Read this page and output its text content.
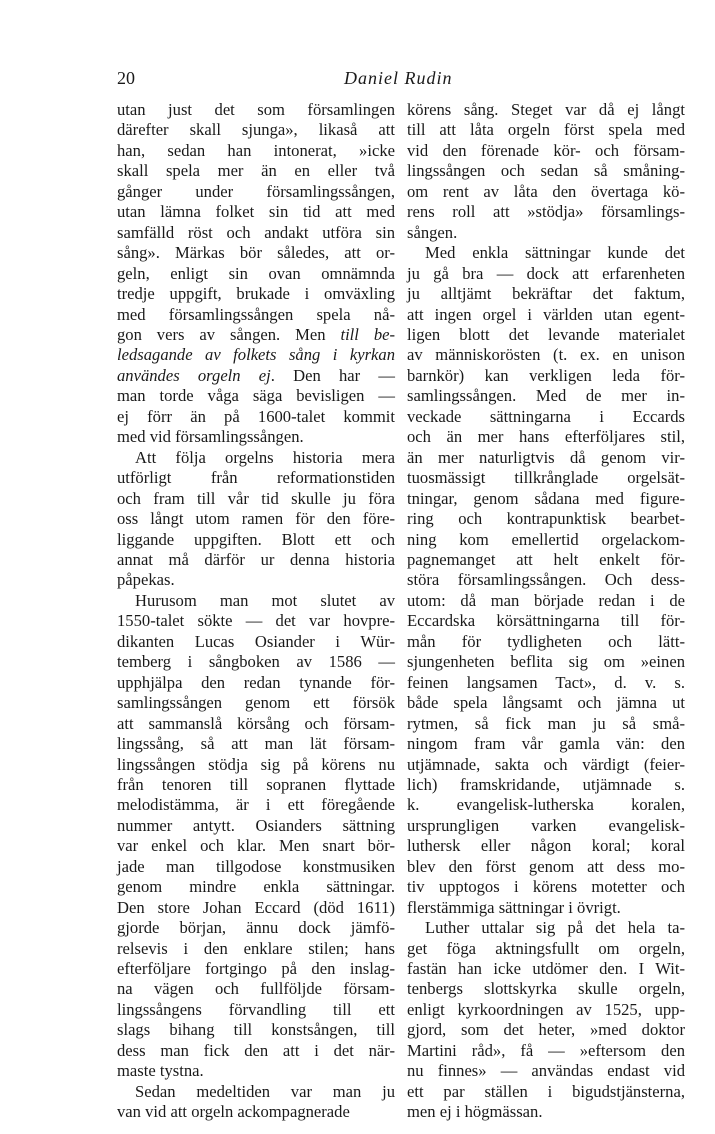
20	Daniel Rudin
utan just det som församlingen
därefter skall sjunga», likaså att
han, sedan han intonerat, »icke
skall spela mer än en eller två
gånger under församlingssången,
utan lämna folket sin tid att med
samfälld röst och andakt utföra sin
sång». Märkas bör således, att or-
geln, enligt sin ovan omnämnda
tredje uppgift, brukade i omväxling
med församlingssången spela nå-
gon vers av sången. Men till be-
ledsagande av folkets sång i kyrkan
användes orgeln ej. Den har —
man torde våga säga bevisligen —
ej förr än på 1600-talet kommit
med vid församlingssången.
Att följa orgelns historia mera
utförligt från reformationstiden
och fram till vår tid skulle ju föra
oss långt utom ramen för den före-
liggande uppgiften. Blott ett och
annat må därför ur denna historia
påpekas.
Hurusom man mot slutet av
1550-talet sökte — det var hovpre-
dikanten Lucas Osiander i Wür-
temberg i sångboken av 1586 —
upphjälpa den redan tynande för-
samlingssången genom ett försök
att sammanslå körsång och försam-
lingssång, så att man lät försam-
lingssången stödja sig på körens nu
från tenoren till sopranen flyttade
melodistämma, är i ett föregående
nummer antytt. Osianders sättning
var enkel och klar. Men snart bör-
jade man tillgodose konstmusiken
genom mindre enkla sättningar.
Den store Johan Eccard (död 1611)
gjorde början, ännu dock jämfö-
relsevis i den enklare stilen; hans
efterföljare fortgingo på den inslag-
na vägen och fullföljde försam-
lingssångens förvandling till ett
slags bihang till konstsången, till
dess man fick den att i det när-
maste tystna.
Sedan medeltiden var man ju
van vid att orgeln ackompagnerade
körens sång. Steget var då ej långt
till att låta orgeln först spela med
vid den förenade kör- och försam-
lingssången och sedan så småning-
om rent av låta den övertaga kö-
rens roll att »stödja» församlings-
sången.
Med enkla sättningar kunde det
ju gå bra — dock att erfarenheten
ju alltjämt bekräftar det faktum,
att ingen orgel i världen utan egent-
ligen blott det levande materialet
av människorösten (t. ex. en unison
barnkör) kan verkligen leda för-
samlingssången. Med de mer in-
veckade sättningarna i Eccards
och än mer hans efterföljares stil,
än mer naturligtvis då genom vir-
tuosmässigt tillkrånglade orgelsät-
tningar, genom sådana med figure-
ring och kontrapunktisk bearbet-
ning kom emellertid orgelackom-
pagnemanget att helt enkelt för-
störa församlingssången. Och dess-
utom: då man började redan i de
Eccardska körsättningarna till för-
mån för tydligheten och lätt-
sjungenheten beflita sig om »einen
feinen langsamen Tact», d. v. s.
både spela långsamt och jämna ut
rytmen, så fick man ju så små-
ningom fram vår gamla vän: den
utjämnade, sakta och värdigt (feier-
lich) framskridande, utjämnade s.
k. evangelisk-lutherska koralen,
ursprungligen varken evangelisk-
luthersk eller någon koral; koral
blev den först genom att dess mo-
tiv upptogos i körens motetter och
flerstämmiga sättningar i övrigt.
Luther uttalar sig på det hela ta-
get föga aktningsfullt om orgeln,
fastän han icke utdömer den. I Wit-
tenbergs slottskyrka skulle orgeln,
enligt kyrkoordningen av 1525, upp-
gjord, som det heter, »med doktor
Martini råd», få — »eftersom den
nu finnes» — användas endast vid
ett par ställen i bigudstjänsterna,
men ej i högmässan.
